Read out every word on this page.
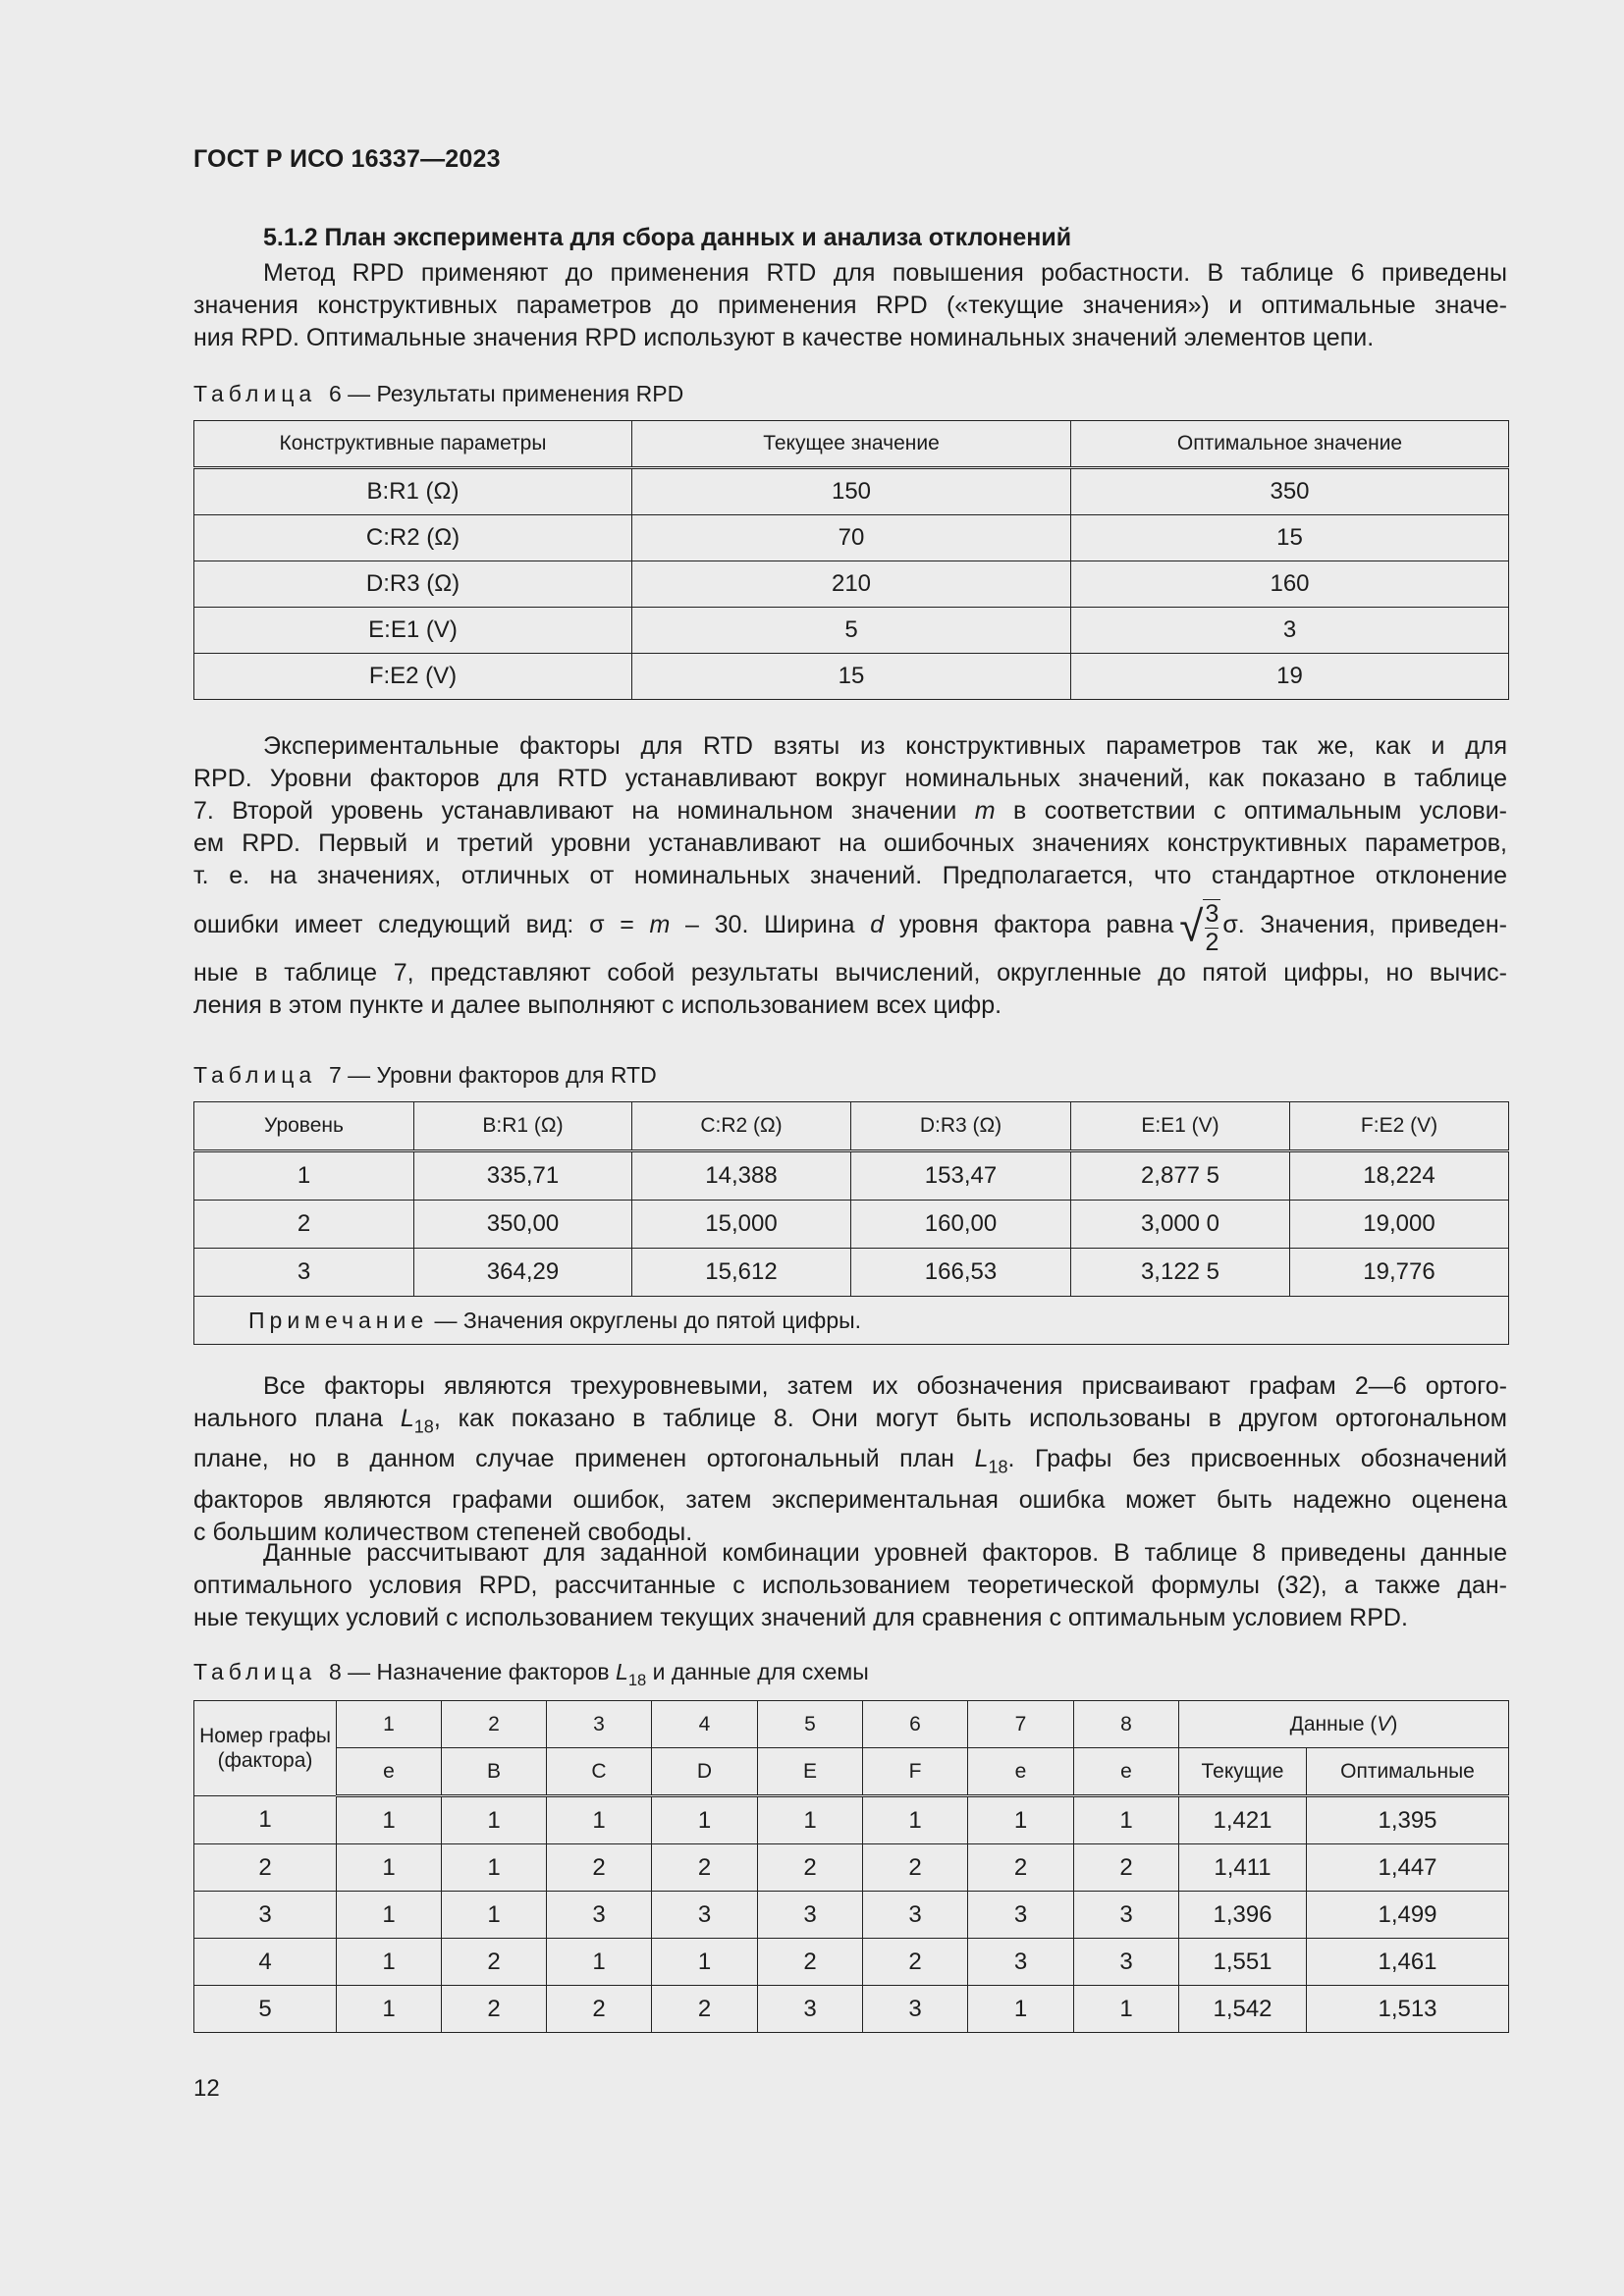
ГОСТ Р ИСО 16337—2023
5.1.2 План эксперимента для сбора данных и анализа отклонений
Метод RPD применяют до применения RTD для повышения робастности. В таблице 6 приведены
значения конструктивных параметров до применения RPD («текущие значения») и оптимальные значе-
ния RPD. Оптимальные значения RPD используют в качестве номинальных значений элементов цепи.
Таблица 6 — Результаты применения RPD
Конструктивные параметры	Текущее значение	Оптимальное значение
B:R1 (Ω)	150	350
C:R2 (Ω)	70	15
D:R3 (Ω)	210	160
E:E1 (V)	5	3
F:E2 (V)	15	19
Экспериментальные факторы для RTD взяты из конструктивных параметров так же, как и для
RPD. Уровни факторов для RTD устанавливают вокруг номинальных значений, как показано в таблице
7. Второй уровень устанавливают на номинальном значении m в соответствии с оптимальным услови-
ем RPD. Первый и третий уровни устанавливают на ошибочных значениях конструктивных параметров,
т. е. на значениях, отличных от номинальных значений. Предполагается, что стандартное отклонение
ошибки имеет следующий вид: σ = m – 30. Ширина d уровня фактора равна √ $\frac{3}{2} \sigma$. Значения, приведен-
ные в таблице 7, представляют собой результаты вычислений, округленные до пятой цифры, но вычис-
ления в этом пункте и далее выполняют с использованием всех цифр.
Таблица 7 — Уровни факторов для RTD
Уровень	B:R1 (Ω)	C:R2 (Ω)	D:R3 (Ω)	E:E1 (V)	F:E2 (V)
1	335,71	14,388	153,47	2,877 5	18,224
2	350,00	15,000	160,00	3,000 0	19,000
3	364,29	15,612	166,53	3,122 5	19,776
Примечание — Значения округлены до пятой цифры.					
Все факторы являются трехуровневыми, затем их обозначения присваивают графам 2—6 ортого-
нального плана $L_{18}$, как показано в таблице 8. Они могут быть использованы в другом ортогональном
плане, но в данном случае применен ортогональный план $L_{18}$. Графы без присвоенных обозначений
факторов являются графами ошибок, затем экспериментальная ошибка может быть надежно оценена
с большим количеством степеней свободы.
Данные рассчитывают для заданной комбинации уровней факторов. В таблице 8 приведены данные
оптимального условия RPD, рассчитанные с использованием теоретической формулы (32), а также дан-
ные текущих условий с использованием текущих значений для сравнения с оптимальным условием RPD.
Таблица 8 — Назначение факторов $L_{18}$ и данные для схемы
Номер графы (фактора)	1	2	3	4	5	6	7	8	Данные (V)	
	e	B	C	D	E	F	e	e	Текущие	Оптимальные
1	1	1	1	1	1	1	1	1	1,421	1,395
2	1	1	2	2	2	2	2	2	1,411	1,447
3	1	1	3	3	3	3	3	3	1,396	1,499
4	1	2	1	1	2	2	3	3	1,551	1,461
5	1	2	2	2	3	3	1	1	1,542	1,513
12
